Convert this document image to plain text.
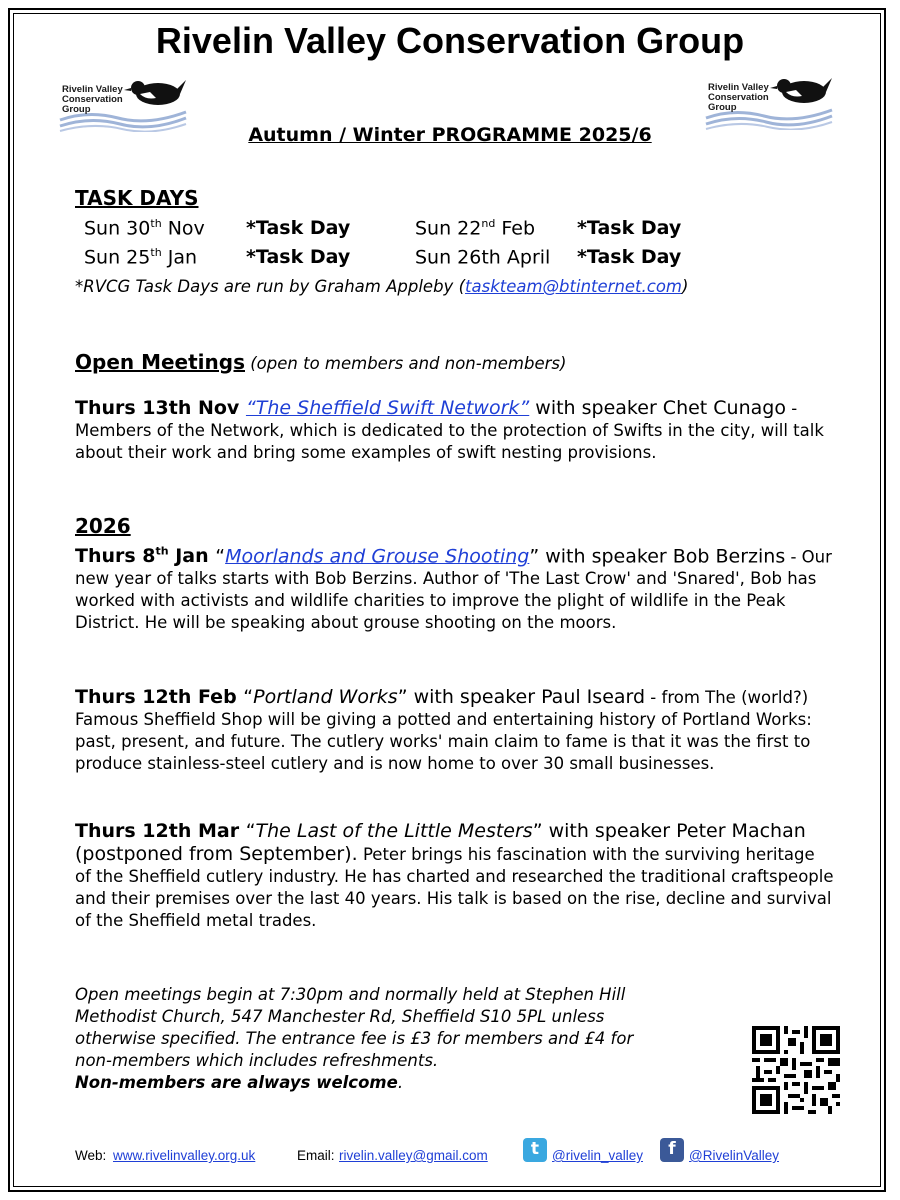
Rivelin Valley Conservation Group
Rivelin Valley
Conservation
Group
Rivelin Valley
Conservation
Group
Autumn / Winter PROGRAMME 2025/6
TASK DAYS
Sun 30th Nov *Task Day	Sun 22nd Feb *Task Day
Sun 25th Jan	*Task Day	Sun 26th April *Task Day
*RVCG Task Days are run by Graham Appleby (taskteam@btinternet.com)
Open Meetings (open to members and non-members)
Thurs 13th Nov “The Sheffield Swift Network” with speaker Chet Cunago - Members of the Network, which is dedicated to the protection of Swifts in the city, will talk about their work and bring some examples of swift nesting provisions.
2026
Thurs 8th Jan “Moorlands and Grouse Shooting” with speaker Bob Berzins - Our new year of talks starts with Bob Berzins. Author of 'The Last Crow' and 'Snared', Bob has worked with activists and wildlife charities to improve the plight of wildlife in the Peak District. He will be speaking about grouse shooting on the moors.
Thurs 12th Feb “Portland Works” with speaker Paul Iseard - from The (world?) Famous Sheffield Shop will be giving a potted and entertaining history of Portland Works: past, present, and future. The cutlery works' main claim to fame is that it was the first to produce stainless-steel cutlery and is now home to over 30 small businesses.
Thurs 12th Mar “The Last of the Little Mesters” with speaker Peter Machan (postponed from September). Peter brings his fascination with the surviving heritage of the Sheffield cutlery industry. He has charted and researched the traditional craftspeople and their premises over the last 40 years. His talk is based on the rise, decline and survival of the Sheffield metal trades.
Open meetings begin at 7:30pm and normally held at Stephen Hill Methodist Church, 547 Manchester Rd, Sheffield S10 5PL unless otherwise specified. The entrance fee is £3 for members and £4 for non-members which includes refreshments.
Non-members are always welcome.
Web: www.rivelinvalley.org.uk	Email: rivelin.valley@gmail.com	t @rivelin_valley	f @RivelinValley
